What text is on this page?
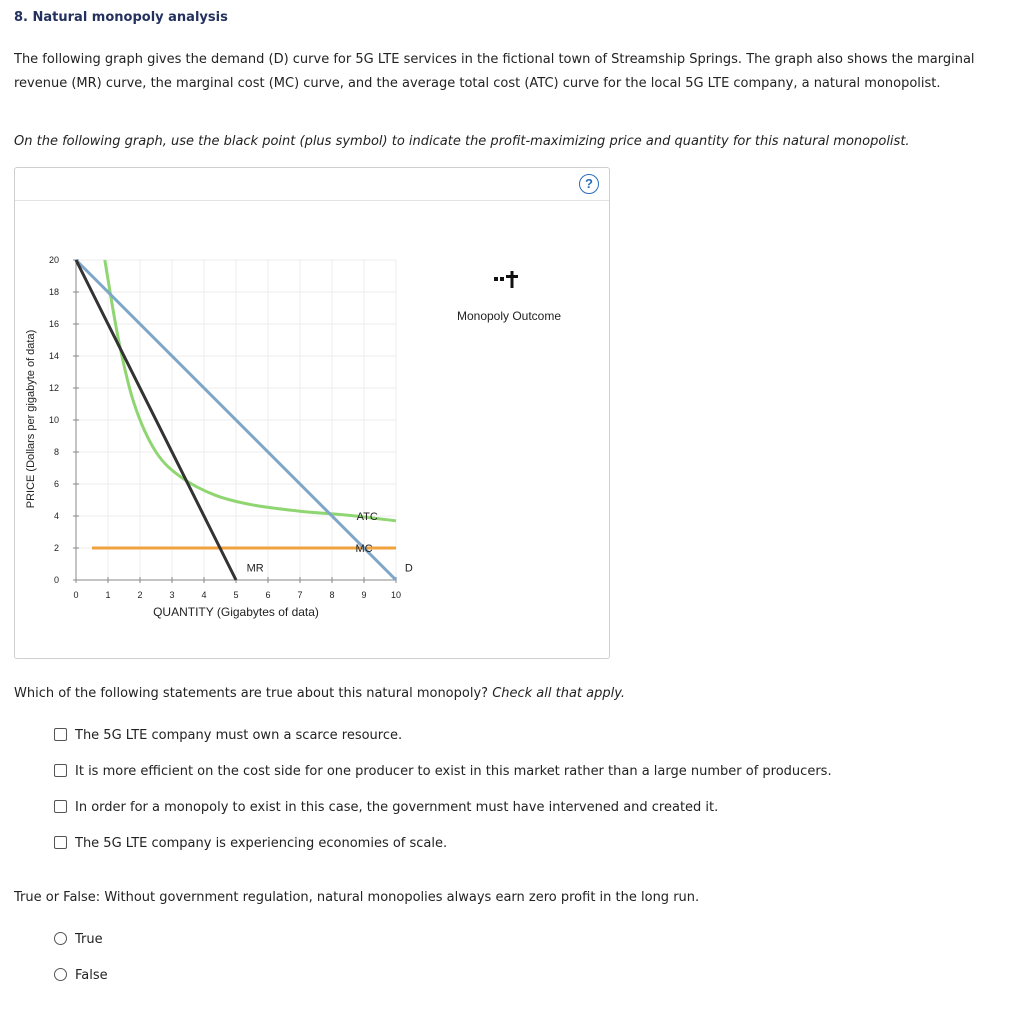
8. Natural monopoly analysis
The following graph gives the demand (D) curve for 5G LTE services in the fictional town of Streamship Springs. The graph also shows the marginal revenue (MR) curve, the marginal cost (MC) curve, and the average total cost (ATC) curve for the local 5G LTE company, a natural monopolist.
On the following graph, use the black point (plus symbol) to indicate the profit-maximizing price and quantity for this natural monopolist.
?
0	1	2	3	4	5	6	7	8	9	10
0
2
4
6
8
10
12
14
16
18
20
ATC
MC
MR	D
PRICE (Dollars per gigabyte of data)
QUANTITY (Gigabytes of data)
Monopoly Outcome
Which of the following statements are true about this natural monopoly? Check all that apply.
The 5G LTE company must own a scarce resource.
It is more efficient on the cost side for one producer to exist in this market rather than a large number of producers.
In order for a monopoly to exist in this case, the government must have intervened and created it.
The 5G LTE company is experiencing economies of scale.
True or False: Without government regulation, natural monopolies always earn zero profit in the long run.
True
False
